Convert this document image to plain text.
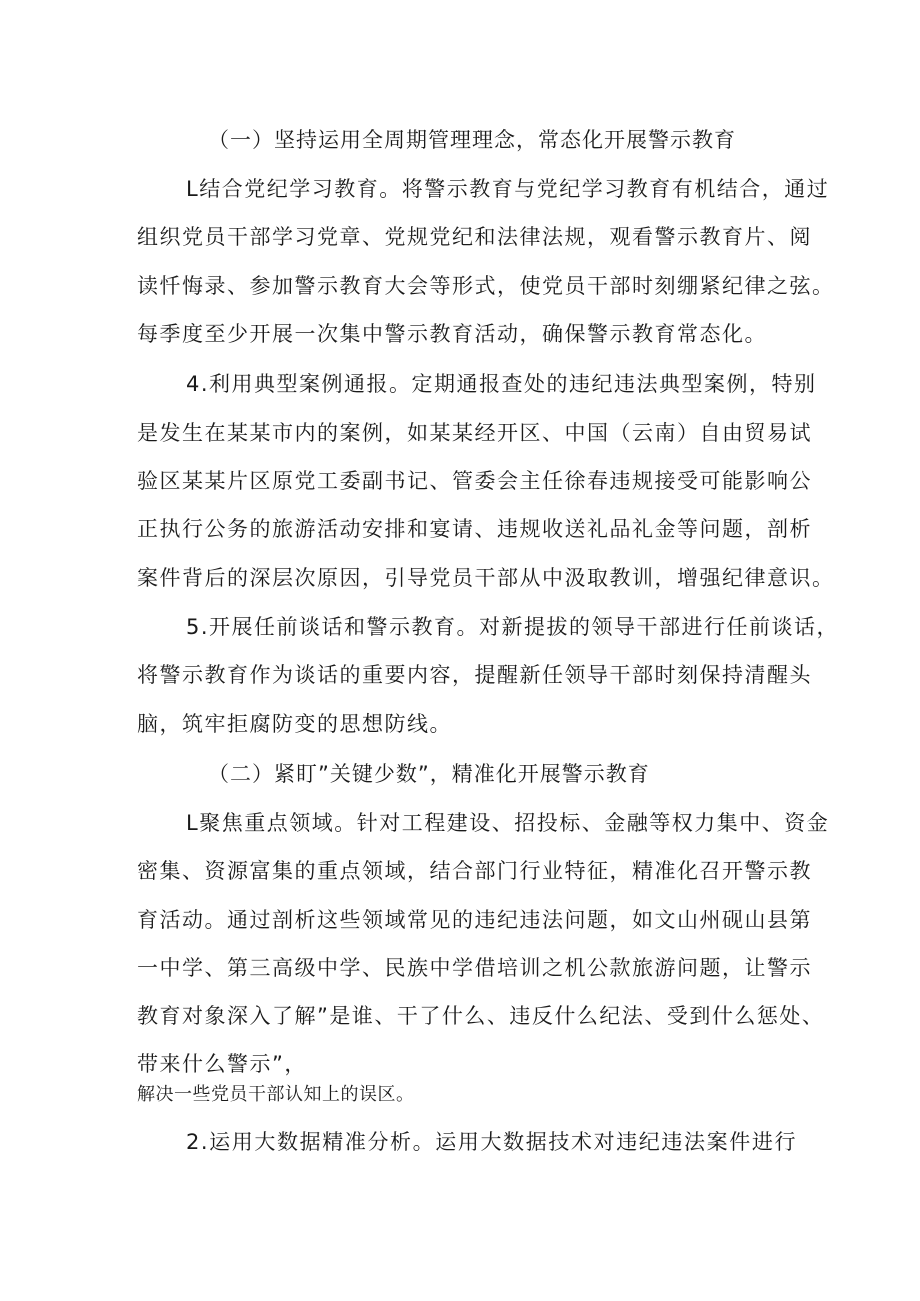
（一）坚持运用全周期管理理念，常态化开展警示教育
L结合党纪学习教育。将警示教育与党纪学习教育有机结合，通过
组织党员干部学习党章、党规党纪和法律法规，观看警示教育片、阅
读忏悔录、参加警示教育大会等形式，使党员干部时刻绷紧纪律之弦。
每季度至少开展一次集中警示教育活动，确保警示教育常态化。
4.利用典型案例通报。定期通报查处的违纪违法典型案例，特别
是发生在某某市内的案例，如某某经开区、中国（云南）自由贸易试
验区某某片区原党工委副书记、管委会主任徐春违规接受可能影响公
正执行公务的旅游活动安排和宴请、违规收送礼品礼金等问题，剖析
案件背后的深层次原因，引导党员干部从中汲取教训，增强纪律意识。
5.开展任前谈话和警示教育。对新提拔的领导干部进行任前谈话，
将警示教育作为谈话的重要内容，提醒新任领导干部时刻保持清醒头
脑，筑牢拒腐防变的思想防线。
（二）紧盯”关键少数”，精准化开展警示教育
L聚焦重点领域。针对工程建设、招投标、金融等权力集中、资金
密集、资源富集的重点领域，结合部门行业特征，精准化召开警示教
育活动。通过剖析这些领域常见的违纪违法问题，如文山州砚山县第
一中学、第三高级中学、民族中学借培训之机公款旅游问题，让警示
教育对象深入了解”是谁、干了什么、违反什么纪法、受到什么惩处、
带来什么警示”，
解决一些党员干部认知上的误区。
2.运用大数据精准分析。运用大数据技术对违纪违法案件进行
